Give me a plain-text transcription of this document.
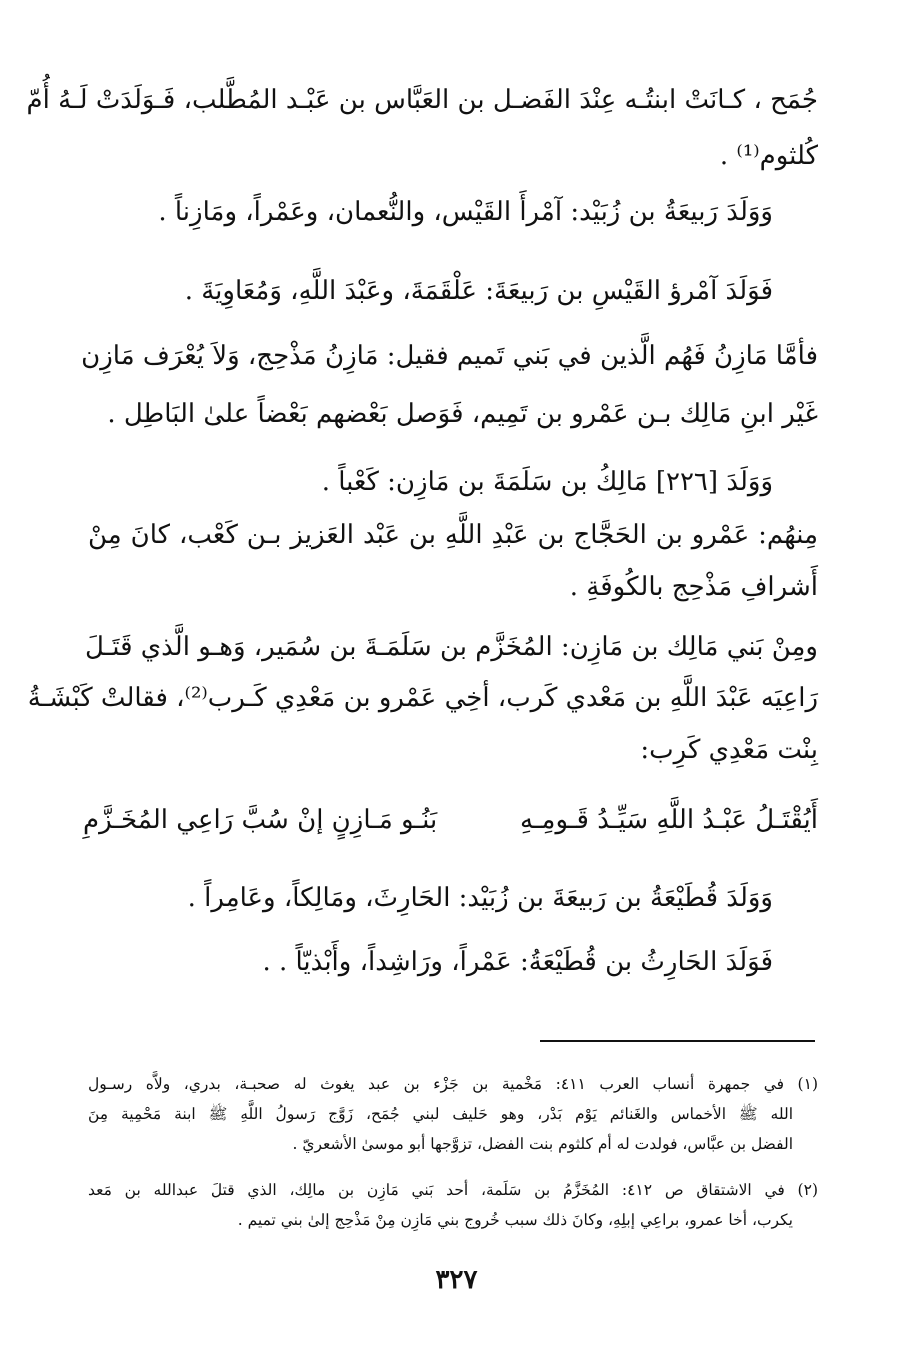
جُمَح ، كـانَتْ ابنتُـه عِنْدَ الفَضـل بن العَبَّاس بن عَبْـد المُطَّلب، فَـوَلَدَتْ لَـهُ أُمّ
كُلثوم⁽¹⁾ .
وَوَلَدَ رَبيعَةُ بن زُبَيْد: آمْرأَ القَيْس، والنُّعمان، وعَمْراً، ومَازِناً .
فَوَلَدَ آمْرؤ القَيْسِ بن رَبيعَةَ: عَلْقَمَةَ، وعَبْدَ اللَّهِ، وَمُعَاوِيَةَ .
فأمَّا مَازِنُ فَهُم الَّذين في بَني تَميم فقيل: مَازِنُ مَذْحِج، وَلاَ يُعْرَف مَازِن
غَيْر ابنِ مَالِك بـن عَمْرو بن تَمِيم، فَوَصل بَعْضهم بَعْضاً علىٰ البَاطِل .
وَوَلَدَ [٢٢٦] مَالِكُ بن سَلَمَةَ بن مَازِن: كَعْباً .
مِنهُم: عَمْرو بن الحَجَّاج بن عَبْدِ اللَّهِ بن عَبْد العَزيز بـن كَعْب، كانَ مِنْ
أَشرافِ مَذْحِج بالكُوفَةِ .
ومِنْ بَني مَالِك بن مَازِن: المُخَزَّم بن سَلَمَـةَ بن سُمَير، وَهـو الَّذي قَتَـلَ
رَاعِيَه عَبْدَ اللَّهِ بن مَعْدي كَرب، أخِي عَمْرو بن مَعْدِي كَـرب⁽²⁾، فقالتْ كَبْشَـةُ
بِنْت مَعْدِي كَرِب:
أَيُقْتَـلُ عَبْـدُ اللَّهِ سَيِّـدُ قَـومِـهِ
بَنُـو مَـازِنٍ إنْ سُبَّ رَاعِي المُخَـزَّمِ
وَوَلَدَ قُطَيْعَةُ بن رَبيعَةَ بن زُبَيْد: الحَارِثَ، ومَالِكاً، وعَامِراً .
فَوَلَدَ الحَارِثُ بن قُطَيْعَةُ: عَمْراً، ورَاشِداً، وأَبْذيّاً . .
(١) في جمهرة أنساب العرب ٤١١: مَخْمية بن جَزْء بن عبد يغوث له صحبـة، بدري، ولاَّه رسـول
الله ﷺ الأخماس والغَنائم يَوْم بَدْر، وهو حَليف لبني جُمَح، زَوَّج رَسولُ اللَّهِ ﷺ ابنة مَحْمِية مِنَ
الفضل بن عبَّاس، فولدت له أم كلثوم بنت الفضل، تزوَّجها أبو موسىٰ الأشعريّ .
(٢) في الاشتقاق ص ٤١٢: المُخَزَّمُ بن سَلَمة، أحد بَني مَازِن بن مالِك، الذي قتلَ عبدالله بن مَعد
يكرب، أخا عمرو، براعِي إبلِهِ، وكانَ ذلك سبب خُروج بني مَازِن مِنْ مَذْحِج إلىٰ بني تميم .
٣٢٧
